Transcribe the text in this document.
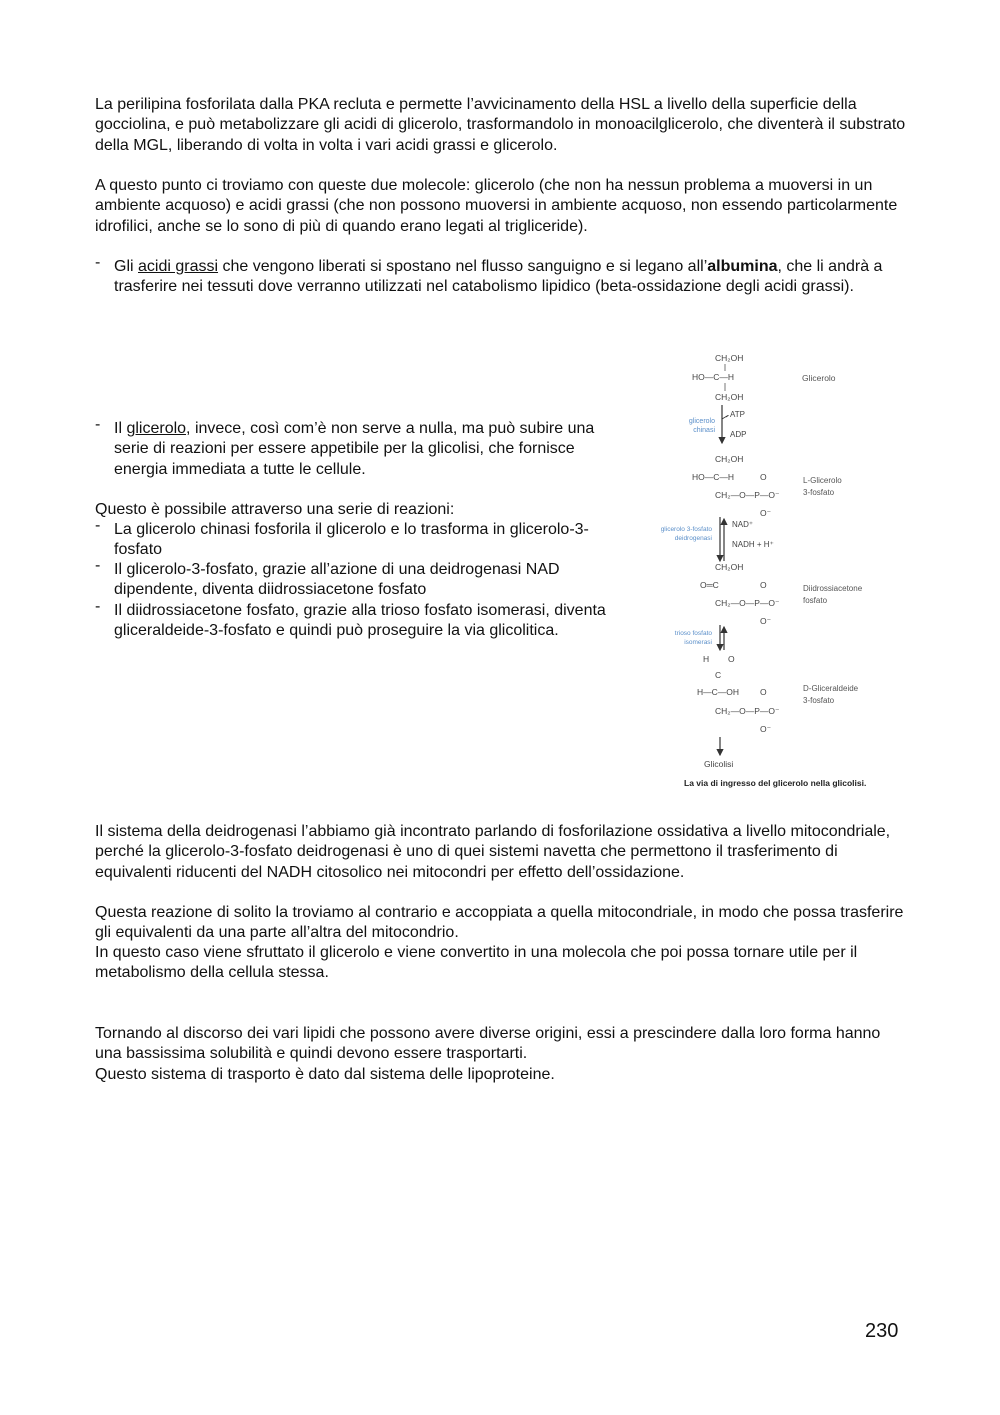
La perilipina fosforilata dalla PKA recluta e permette l’avvicinamento della HSL a livello della superficie della gocciolina, e può metabolizzare gli acidi di glicerolo, trasformandolo in monoacilglicerolo, che diventerà il substrato della MGL, liberando di volta in volta i vari acidi grassi e glicerolo.

A questo punto ci troviamo con queste due molecole: glicerolo (che non ha nessun problema a muoversi in un ambiente acquoso) e acidi grassi (che non possono muoversi in ambiente acquoso, non essendo particolarmente idrofilici, anche se lo sono di più di quando erano legati al trigliceride).

- Gli acidi grassi che vengono liberati si spostano nel flusso sanguigno e si legano all’albumina, che li andrà a trasferire nei tessuti dove verranno utilizzati nel catabolismo lipidico (beta-ossidazione degli acidi grassi).
- Il glicerolo, invece, così com’è non serve a nulla, ma può subire una serie di reazioni per essere appetibile per la glicolisi, che fornisce energia immediata a tutte le cellule.

Questo è possibile attraverso una serie di reazioni:

- La glicerolo chinasi fosforila il glicerolo e lo trasforma in glicerolo-3-fosfato
- Il glicerolo-3-fosfato, grazie all’azione di una deidrogenasi NAD dipendente, diventa diidrossiacetone fosfato
- Il diidrossiacetone fosfato, grazie alla trioso fosfato isomerasi, diventa gliceraldeide-3-fosfato e quindi può proseguire la via glicolitica.
CH₂OH
HO—C—H
CH₂OH
Glicerolo
ATP
ADP
glicerolo
chinasi
CH₂OH
HO—C—H	O
CH₂—O—P—O⁻
O⁻
L-Glicerolo
3-fosfato
NAD⁺
NADH + H⁺
glicerolo 3-fosfato
deidrogenasi
CH₂OH
O═C	O
CH₂—O—P—O⁻
O⁻
Diidrossiacetone
fosfato
trioso fosfato
isomerasi
H O
C
H—C—OH O
CH₂—O—P—O⁻
O⁻
D-Gliceraldeide
3-fosfato
Glicolisi
La via di ingresso del glicerolo nella glicolisi.

Il sistema della deidrogenasi l’abbiamo già incontrato parlando di fosforilazione ossidativa a livello mitocondriale, perché la glicerolo-3-fosfato deidrogenasi è uno di quei sistemi navetta che permettono il trasferimento di equivalenti riducenti del NADH citosolico nei mitocondri per effetto dell’ossidazione.

Questa reazione di solito la troviamo al contrario e accoppiata a quella mitocondriale, in modo che possa trasferire gli equivalenti da una parte all’altra del mitocondrio.

In questo caso viene sfruttato il glicerolo e viene convertito in una molecola che poi possa tornare utile per il metabolismo della cellula stessa.

Tornando al discorso dei vari lipidi che possono avere diverse origini, essi a prescindere dalla loro forma hanno una bassissima solubilità e quindi devono essere trasportarti.

Questo sistema di trasporto è dato dal sistema delle lipoproteine.

230
